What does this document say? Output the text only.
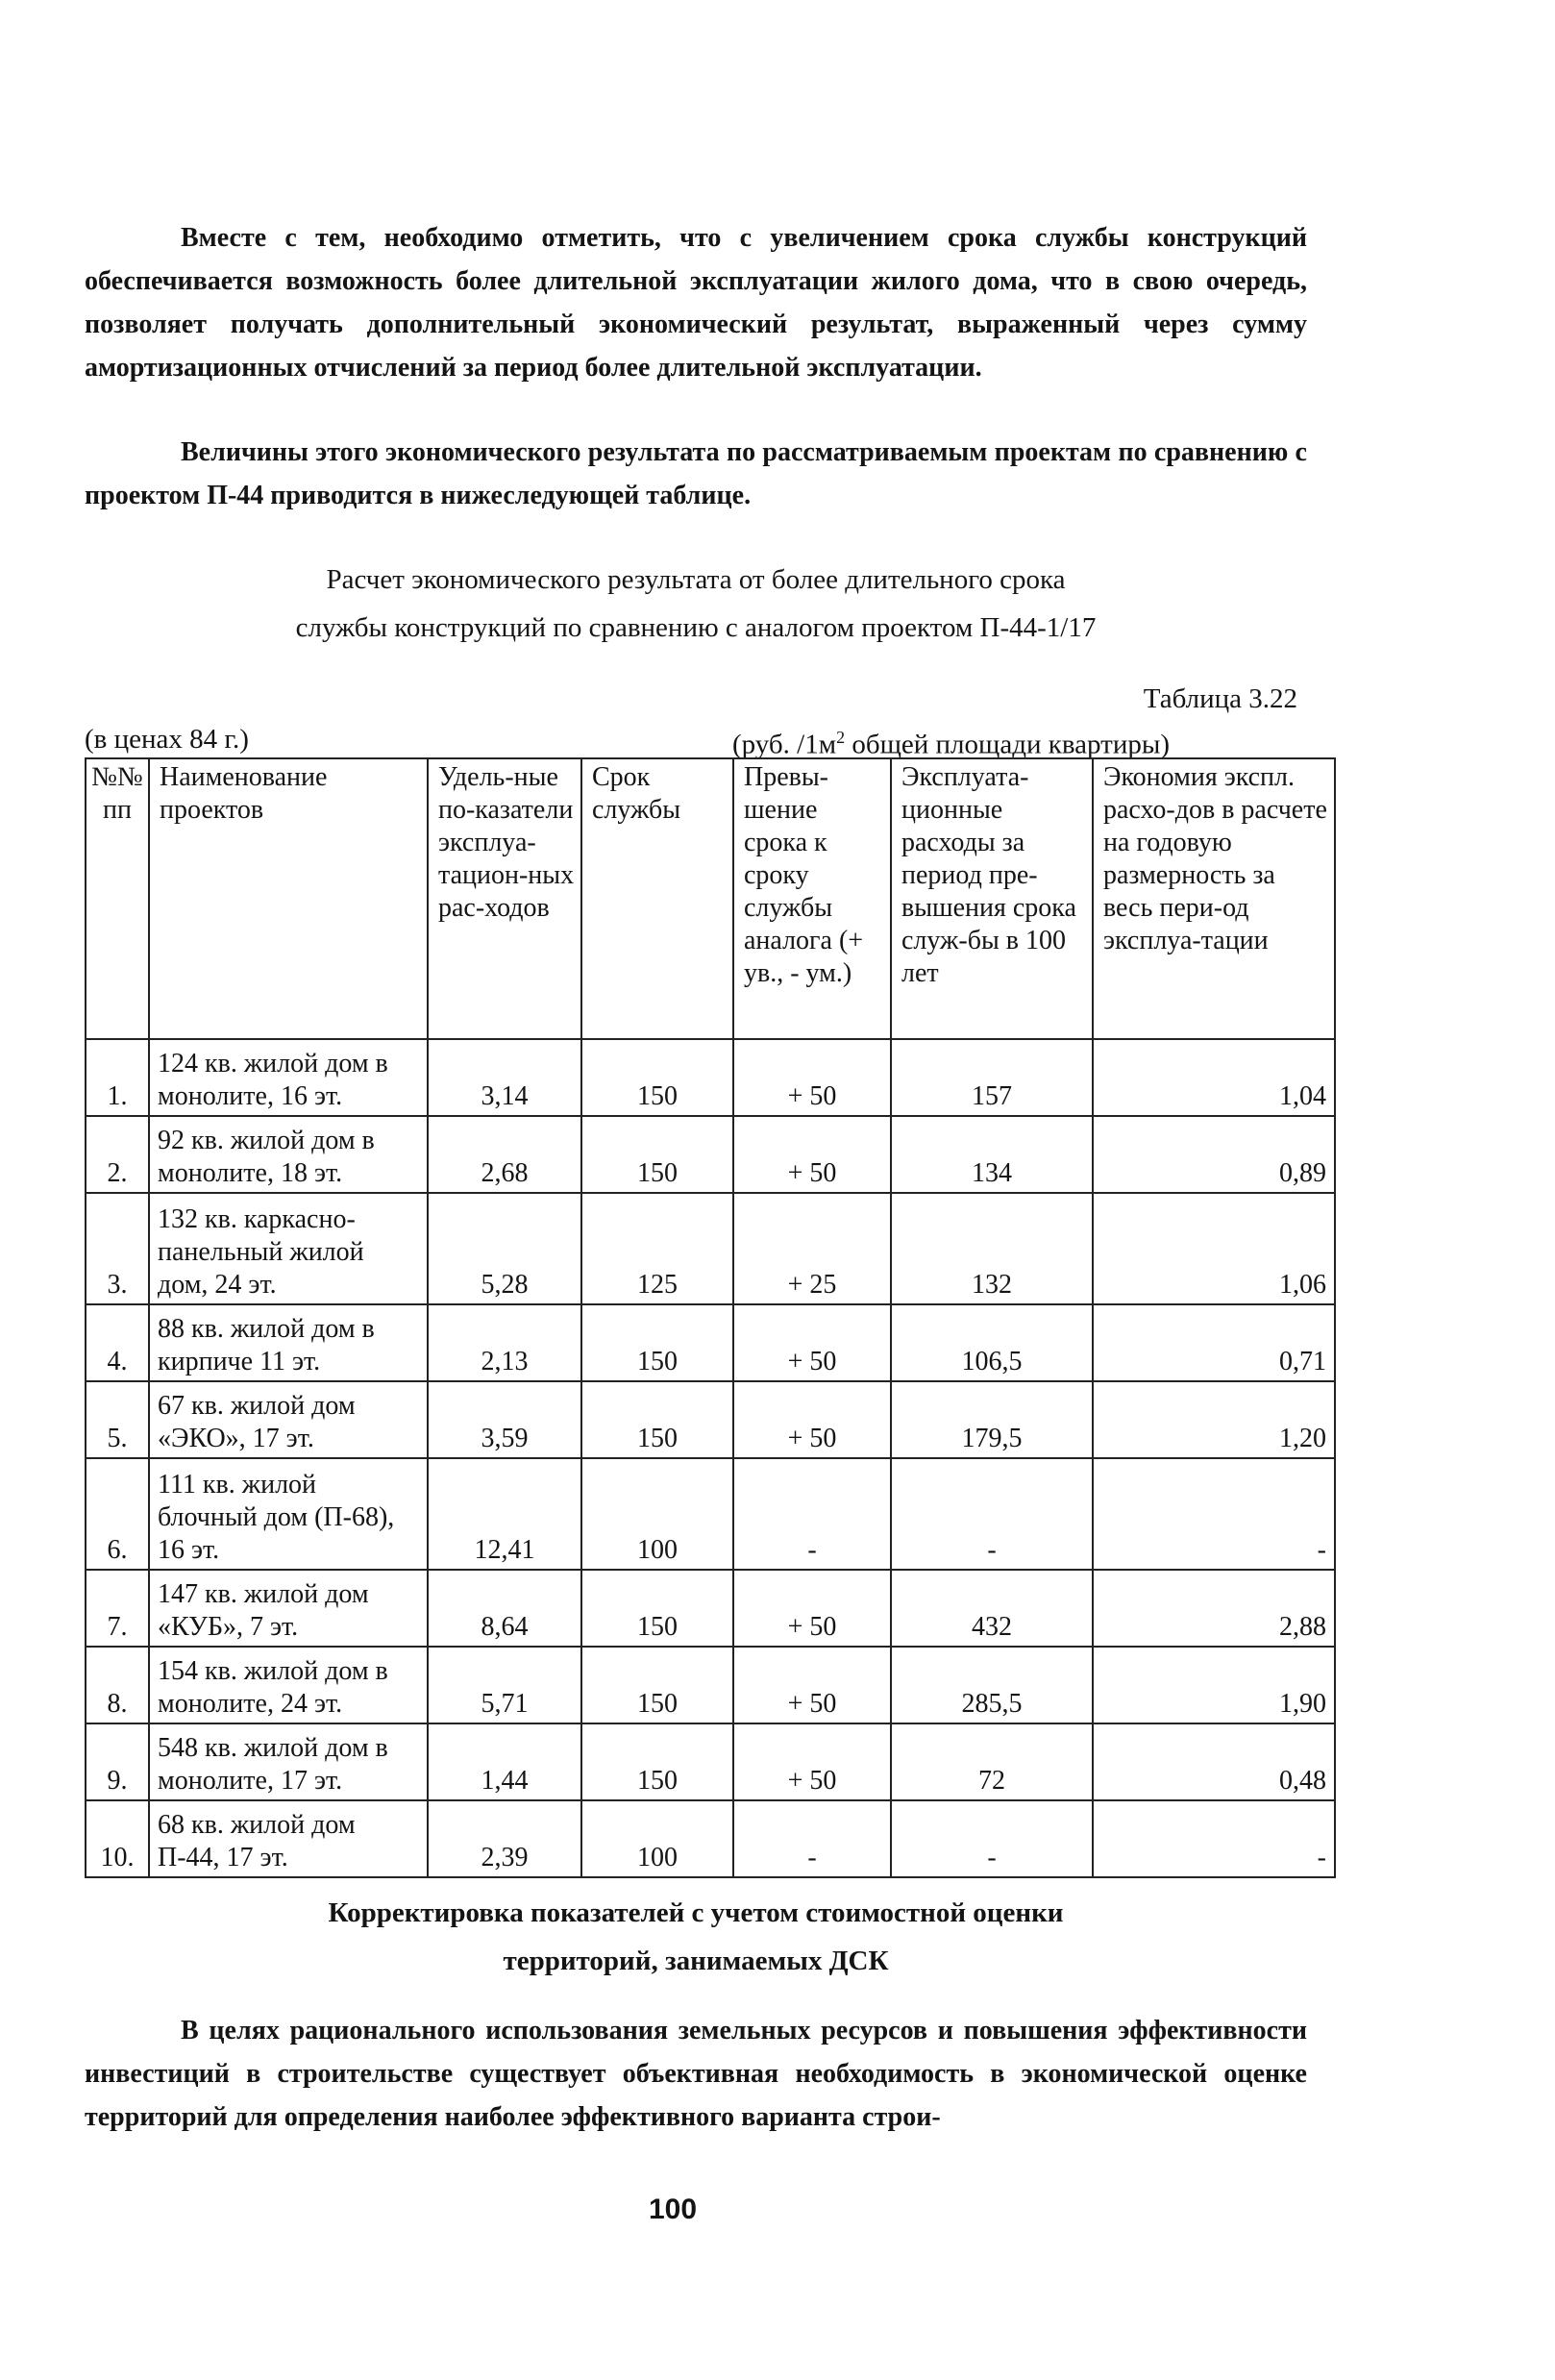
Вместе с тем, необходимо отметить, что с увеличением срока службы конструкций обеспечивается возможность более длительной эксплуатации жилого дома, что в свою очередь, позволяет получать дополнительный экономический результат, выраженный через сумму амортизационных отчислений за период более длительной эксплуатации.

Величины этого экономического результата по рассматриваемым проектам по сравнению с проектом П-44 приводится в нижеследующей таблице.

Расчет экономического результата от более длительного срока
службы конструкций по сравнению с аналогом проектом П-44-1/17
Таблица 3.22
(в ценах 84 г.)	(руб. $/1м^2$ общей площади квартиры)
№№ пп	Наименование проектов	Удель-ные по-казатели эксплуа-тацион-ных рас-ходов	Срок службы	Превы-шение срока к сроку службы аналога (+ ув., - ум.)	Эксплуата-ционные расходы за период пре-вышения срока служ-бы в 100 лет	Экономия экспл. расхо-дов в расчете на годовую размерность за весь пери-од эксплуа-тации
1.	124 кв. жилой дом в монолите, 16 эт.	3,14	150	+ 50	157	1,04
2.	92 кв. жилой дом в монолите, 18 эт.	2,68	150	+ 50	134	0,89
3.	132 кв. каркасно-панельный жилой дом, 24 эт.	5,28	125	+ 25	132	1,06
4.	88 кв. жилой дом в кирпиче 11 эт.	2,13	150	+ 50	106,5	0,71
5.	67 кв. жилой дом «ЭКО», 17 эт.	3,59	150	+ 50	179,5	1,20
6.	111 кв. жилой блочный дом (П-68), 16 эт.	12,41	100	-	-	-
7.	147 кв. жилой дом «КУБ», 7 эт.	8,64	150	+ 50	432	2,88
8.	154 кв. жилой дом в монолите, 24 эт.	5,71	150	+ 50	285,5	1,90
9.	548 кв. жилой дом в монолите, 17 эт.	1,44	150	+ 50	72	0,48
10.	68 кв. жилой дом П-44, 17 эт.	2,39	100	-	-	-
Корректировка показателей с учетом стоимостной оценки
территорий, занимаемых ДСК

В целях рационального использования земельных ресурсов и повышения эффективности инвестиций в строительстве существует объективная необходимость в экономической оценке территорий для определения наиболее эффективного варианта строи-

100
